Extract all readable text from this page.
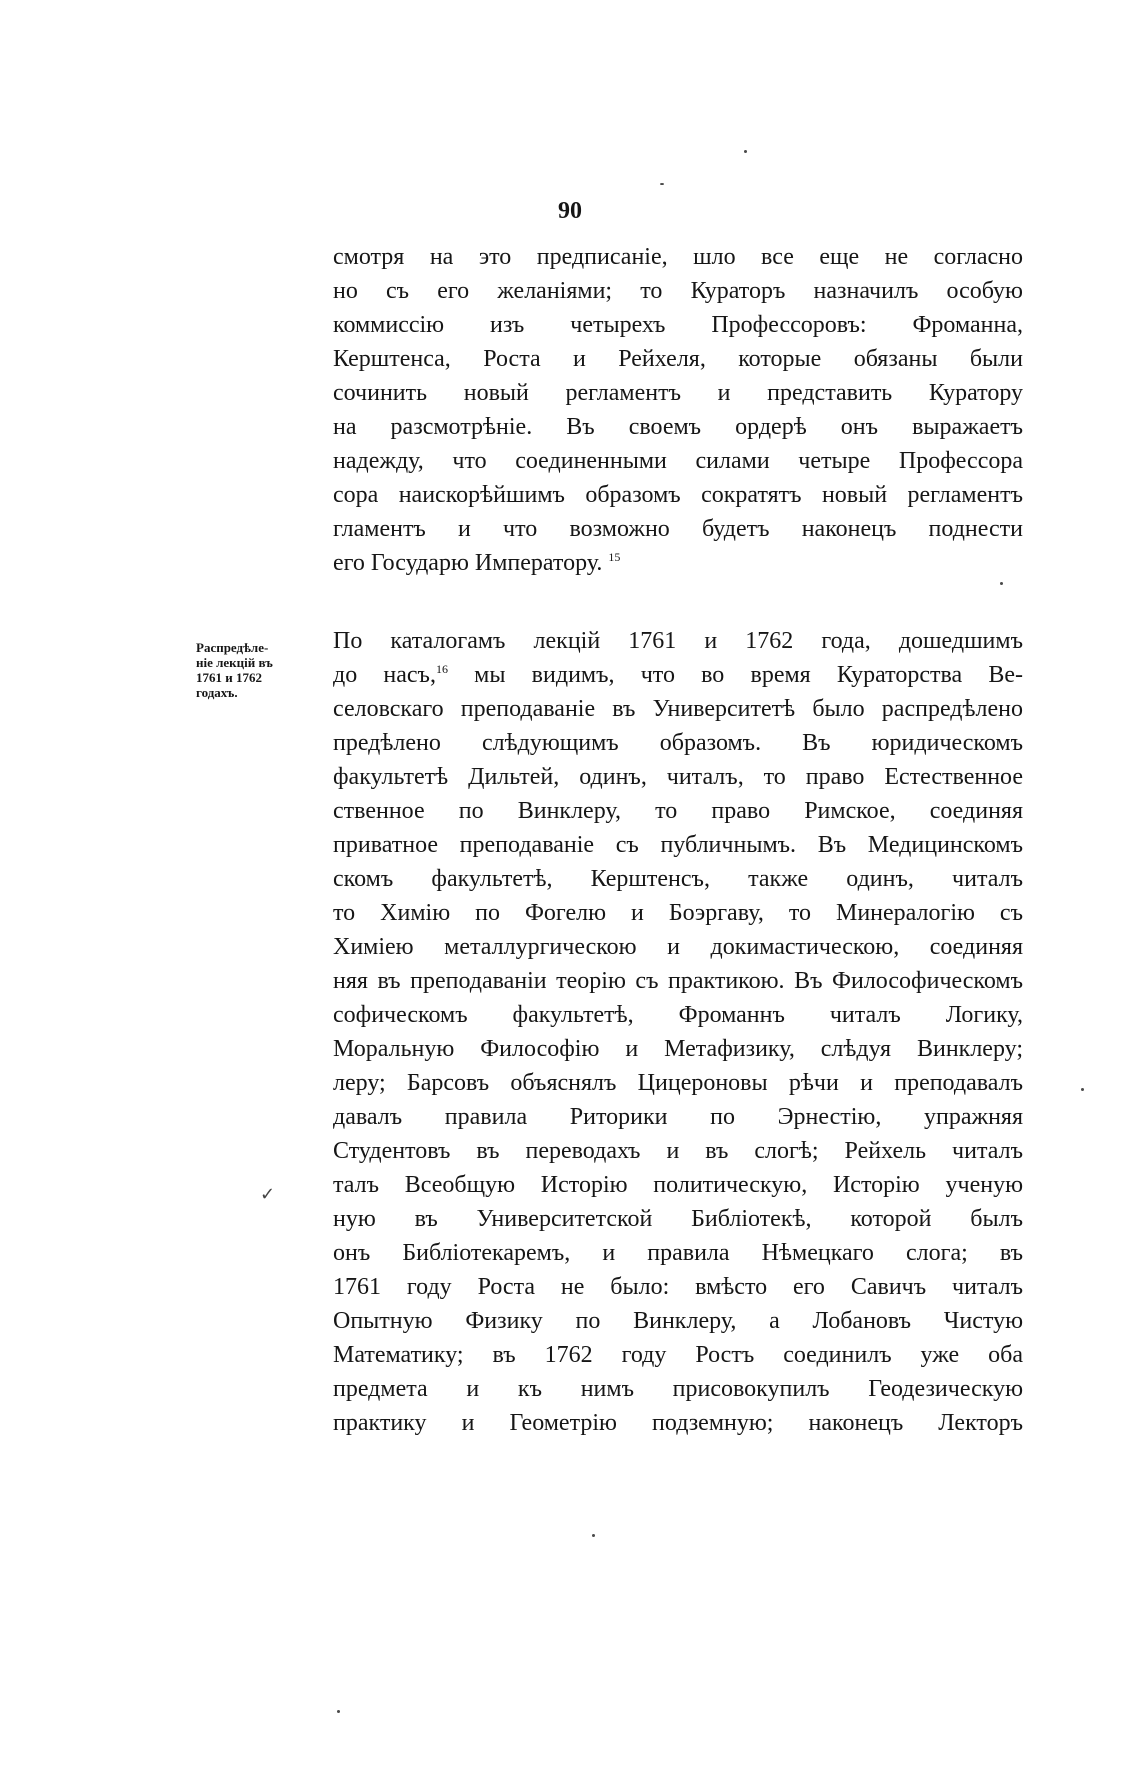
90
смотря на это предписаніе, шло все еще не согласно
но съ его желаніями; то Кураторъ назначилъ особую
коммиссію изъ четырехъ Профессоровъ: Фроманна,
Керштенса, Роста и Рейхеля, которые обязаны были
сочинить новый регламентъ и представить Куратору
на разсмотрѣніе. Въ своемъ ордерѣ онъ выражаетъ
надежду, что соединенными силами четыре Профессора
сора наискорѣйшимъ образомъ сократятъ новый регламентъ
гламентъ и что возможно будетъ наконецъ поднести
его Государю Императору. $^{15}$
Распредѣле-
ніе лекцій въ
1761 и 1762
годахъ.
По каталогамъ лекцій 1761 и 1762 года, дошедшимъ
до насъ,$^{16}$ мы видимъ, что во время Кураторства Ве-
селовскаго преподаваніе въ Университетѣ было распредѣлено
предѣлено слѣдующимъ образомъ. Въ юридическомъ
факультетѣ Дильтей, одинъ, читалъ, то право Естественное
ственное по Винклеру, то право Римское, соединяя
приватное преподаваніе съ публичнымъ. Въ Медицинскомъ
скомъ факультетѣ, Керштенсъ, также одинъ, читалъ
то Химію по Фогелю и Боэргаву, то Минералогію съ
Химіею металлургическою и докимастическою, соединяя
няя въ преподаваніи теорію съ практикою. Въ Философическомъ
софическомъ факультетѣ, Фроманнъ читалъ Логику,
Моральную Философію и Метафизику, слѣдуя Винклеру;
леру; Барсовъ объяснялъ Цицероновы рѣчи и преподавалъ
давалъ правила Риторики по Эрнестію, упражняя
Студентовъ въ переводахъ и въ слогѣ; Рейхель читалъ
талъ Всеобщую Исторію политическую, Исторію ученую
ную въ Университетской Библіотекѣ, которой былъ
онъ Библіотекаремъ, и правила Нѣмецкаго слога; въ
1761 году Роста не было: вмѣсто его Савичъ читалъ
Опытную Физику по Винклеру, а Лобановъ Чистую
Математику; въ 1762 году Ростъ соединилъ уже оба
предмета и къ нимъ присовокупилъ Геодезическую
практику и Геометрію подземную; наконецъ Лекторъ
✓
